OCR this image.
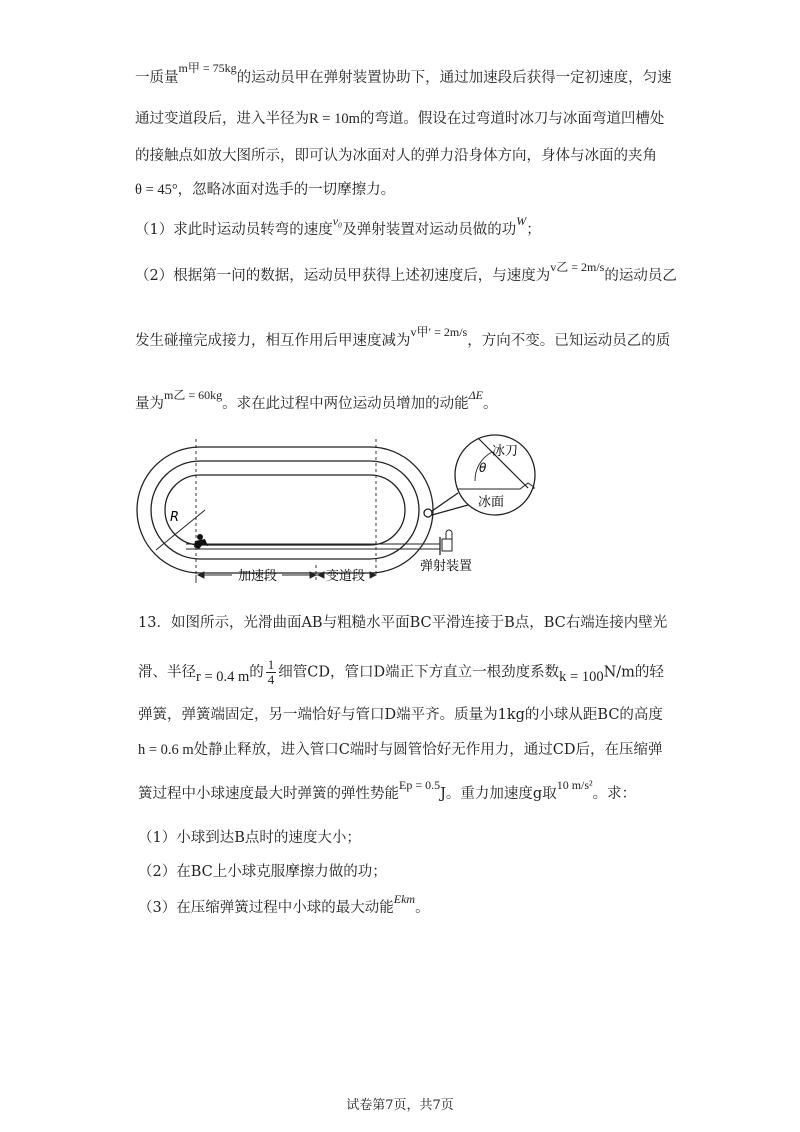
一质量$^{m甲 = 75kg}$的运动员甲在弹射装置协助下，通过加速段后获得一定初速度，匀速
通过变道段后，进入半径为R = 10m的弯道。假设在过弯道时冰刀与冰面弯道凹槽处
的接触点如放大图所示，即可认为冰面对人的弹力沿身体方向，身体与冰面的夹角
θ = 45°，忽略冰面对选手的一切摩擦力。
（1）求此时运动员转弯的速度$^{v_0}$及弹射装置对运动员做的功$^W$；
（2）根据第一问的数据，运动员甲获得上述初速度后，与速度为$^{v乙 = 2m/s}$的运动员乙
发生碰撞完成接力，相互作用后甲速度减为$^{v甲' = 2m/s}$，方向不变。已知运动员乙的质
量为$^{m乙 = 60kg}$。求在此过程中两位运动员增加的动能$^{\Delta E}$。
R
冰刀
θ
冰面
弹射装置
加速段	变道段
13．如图所示，光滑曲面AB与粗糙水平面BC平滑连接于B点，BC右端连接内壁光
滑、半径r = 0.4 m的 $\frac{1}{4}$ 细管CD，管口D端正下方直立一根劲度系数k = 100N/m的轻
弹簧，弹簧端固定，另一端恰好与管口D端平齐。质量为1kg的小球从距BC的高度
h = 0.6 m处静止释放，进入管口C端时与圆管恰好无作用力，通过CD后，在压缩弹
簧过程中小球速度最大时弹簧的弹性势能$^{Ep = 0.5}$J。重力加速度g取$^{10 m/s^2}$。求：
（1）小球到达B点时的速度大小；
（2）在BC上小球克服摩擦力做的功；
（3）在压缩弹簧过程中小球的最大动能$^{Ekm}$。
试卷第7页，共7页
